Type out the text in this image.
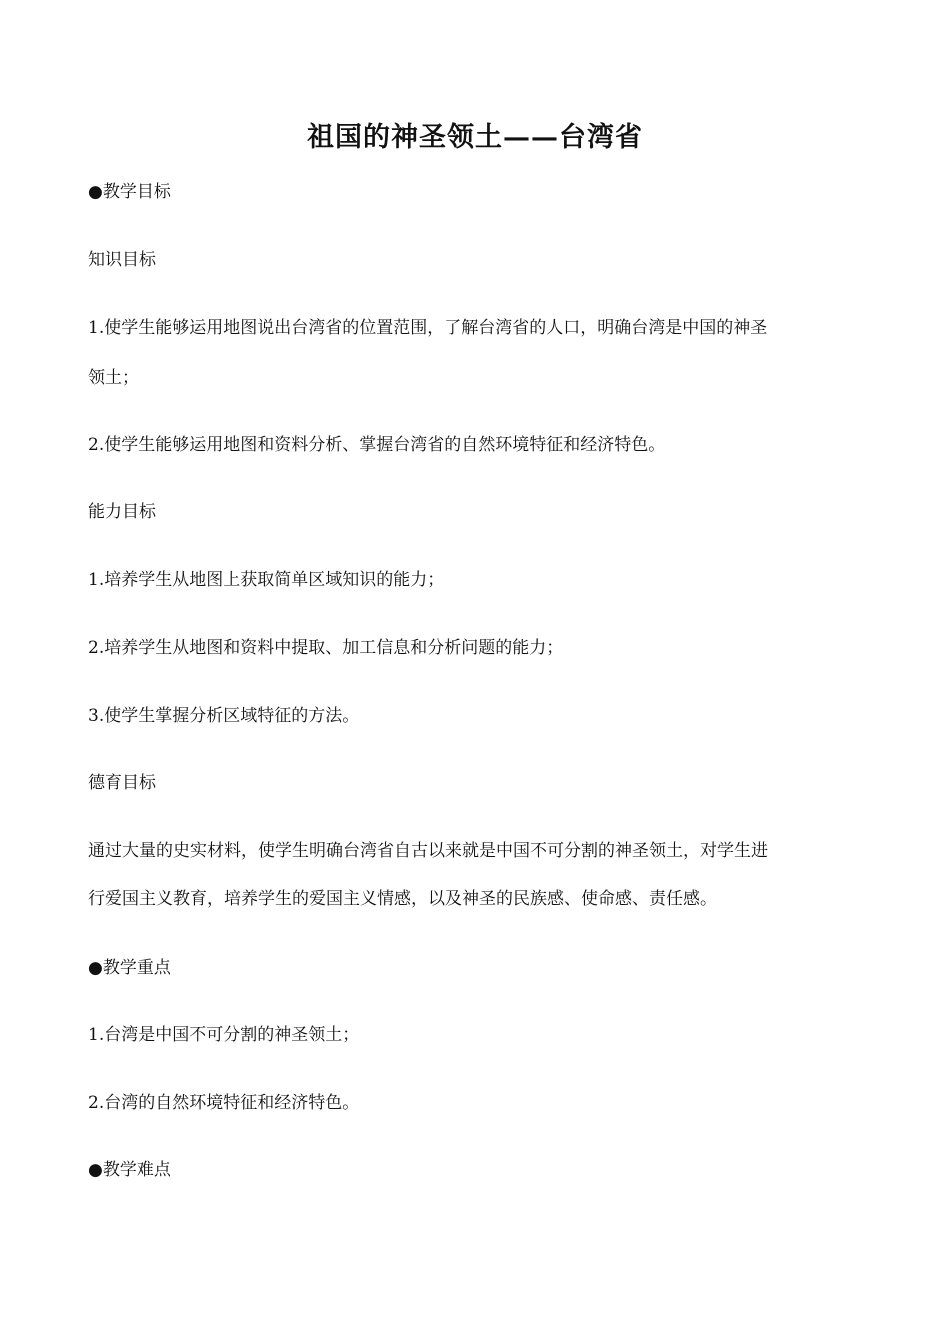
祖国的神圣领土——台湾省

●教学目标

知识目标

1.使学生能够运用地图说出台湾省的位置范围，了解台湾省的人口，明确台湾是中国的神圣

领土；

2.使学生能够运用地图和资料分析、掌握台湾省的自然环境特征和经济特色。

能力目标

1.培养学生从地图上获取简单区域知识的能力；

2.培养学生从地图和资料中提取、加工信息和分析问题的能力；

3.使学生掌握分析区域特征的方法。

德育目标

通过大量的史实材料，使学生明确台湾省自古以来就是中国不可分割的神圣领土，对学生进

行爱国主义教育，培养学生的爱国主义情感，以及神圣的民族感、使命感、责任感。

●教学重点

1.台湾是中国不可分割的神圣领土；

2.台湾的自然环境特征和经济特色。

●教学难点
